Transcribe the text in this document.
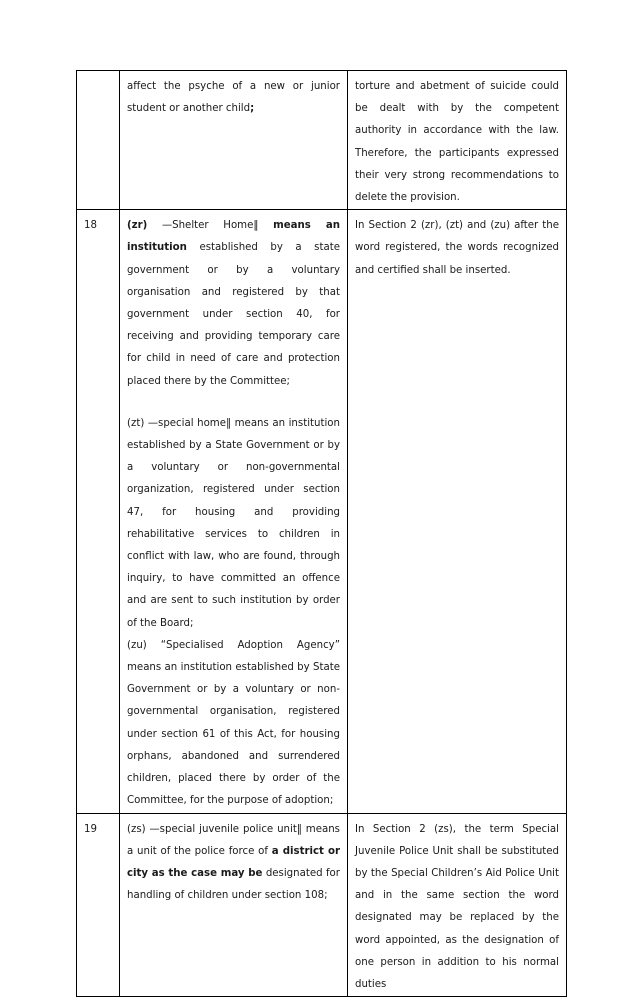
	affect the psyche of a new or junior student or another child;	torture and abetment of suicide could be dealt with by the competent authority in accordance with the law. Therefore, the participants expressed their very strong recommendations to delete the provision.
18	(zr) —Shelter Home‖ means an institution established by a state government or by a voluntary organisation and registered by that government under section 40, for receiving and providing temporary care for child in need of care and protection placed there by the Committee;
(zt) —special home‖ means an institution established by a State Government or by a voluntary or non-governmental organization, registered under section 47, for housing and providing rehabilitative services to children in conflict with law, who are found, through inquiry, to have committed an offence and are sent to such institution by order of the Board;
(zu) “Specialised Adoption Agency” means an institution established by State Government or by a voluntary or non-governmental organisation, registered under section 61 of this Act, for housing orphans, abandoned and surrendered children, placed there by order of the Committee, for the purpose of adoption;	In Section 2 (zr), (zt) and (zu) after the word registered, the words recognized and certified shall be inserted.
19	(zs) —special juvenile police unit‖ means a unit of the police force of a district or city as the case may be designated for handling of children under section 108;	In Section 2 (zs), the term Special Juvenile Police Unit shall be substituted by the Special Children’s Aid Police Unit and in the same section the word designated may be replaced by the word appointed, as the designation of one person in addition to his normal duties
